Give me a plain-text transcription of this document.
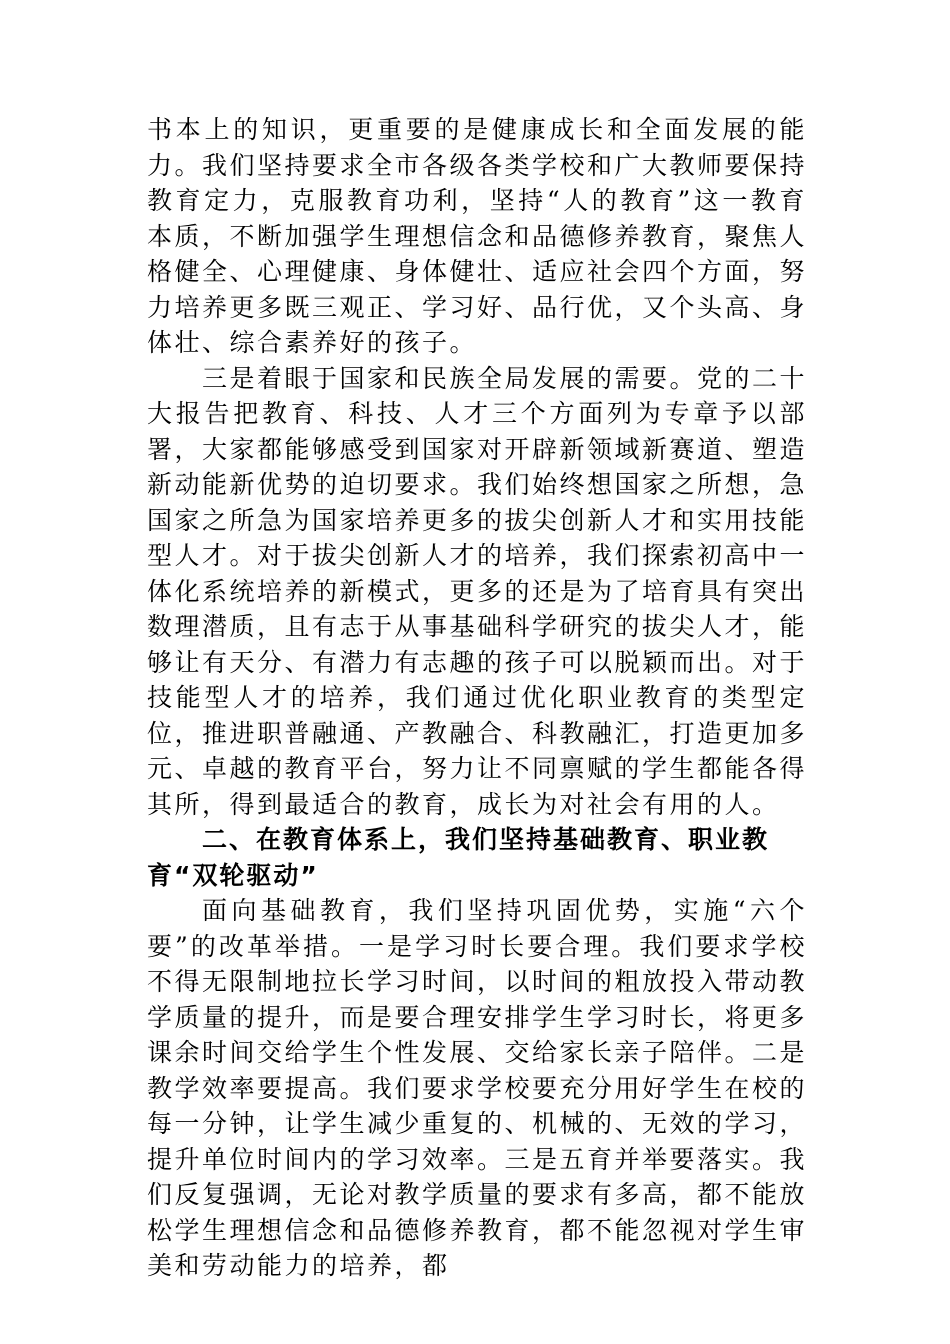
书本上的知识，更重要的是健康成长和全面发展的能力。我们坚持要求全市各级各类学校和广大教师要保持教育定力，克服教育功利，坚持“人的教育”这一教育本质，不断加强学生理想信念和品德修养教育，聚焦人格健全、心理健康、身体健壮、适应社会四个方面，努力培养更多既三观正、学习好、品行优，又个头高、身体壮、综合素养好的孩子。

三是着眼于国家和民族全局发展的需要。党的二十大报告把教育、科技、人才三个方面列为专章予以部署，大家都能够感受到国家对开辟新领域新赛道、塑造新动能新优势的迫切要求。我们始终想国家之所想，急国家之所急为国家培养更多的拔尖创新人才和实用技能型人才。对于拔尖创新人才的培养，我们探索初高中一体化系统培养的新模式，更多的还是为了培育具有突出数理潜质，且有志于从事基础科学研究的拔尖人才，能够让有天分、有潜力有志趣的孩子可以脱颖而出。对于技能型人才的培养，我们通过优化职业教育的类型定位，推进职普融通、产教融合、科教融汇，打造更加多元、卓越的教育平台，努力让不同禀赋的学生都能各得其所，得到最适合的教育，成长为对社会有用的人。

二、在教育体系上，我们坚持基础教育、职业教育“双轮驱动”

面向基础教育，我们坚持巩固优势，实施“六个要”的改革举措。一是学习时长要合理。我们要求学校不得无限制地拉长学习时间，以时间的粗放投入带动教学质量的提升，而是要合理安排学生学习时长，将更多课余时间交给学生个性发展、交给家长亲子陪伴。二是教学效率要提高。我们要求学校要充分用好学生在校的每一分钟，让学生减少重复的、机械的、无效的学习，提升单位时间内的学习效率。三是五育并举要落实。我们反复强调，无论对教学质量的要求有多高，都不能放松学生理想信念和品德修养教育，都不能忽视对学生审美和劳动能力的培养，都
